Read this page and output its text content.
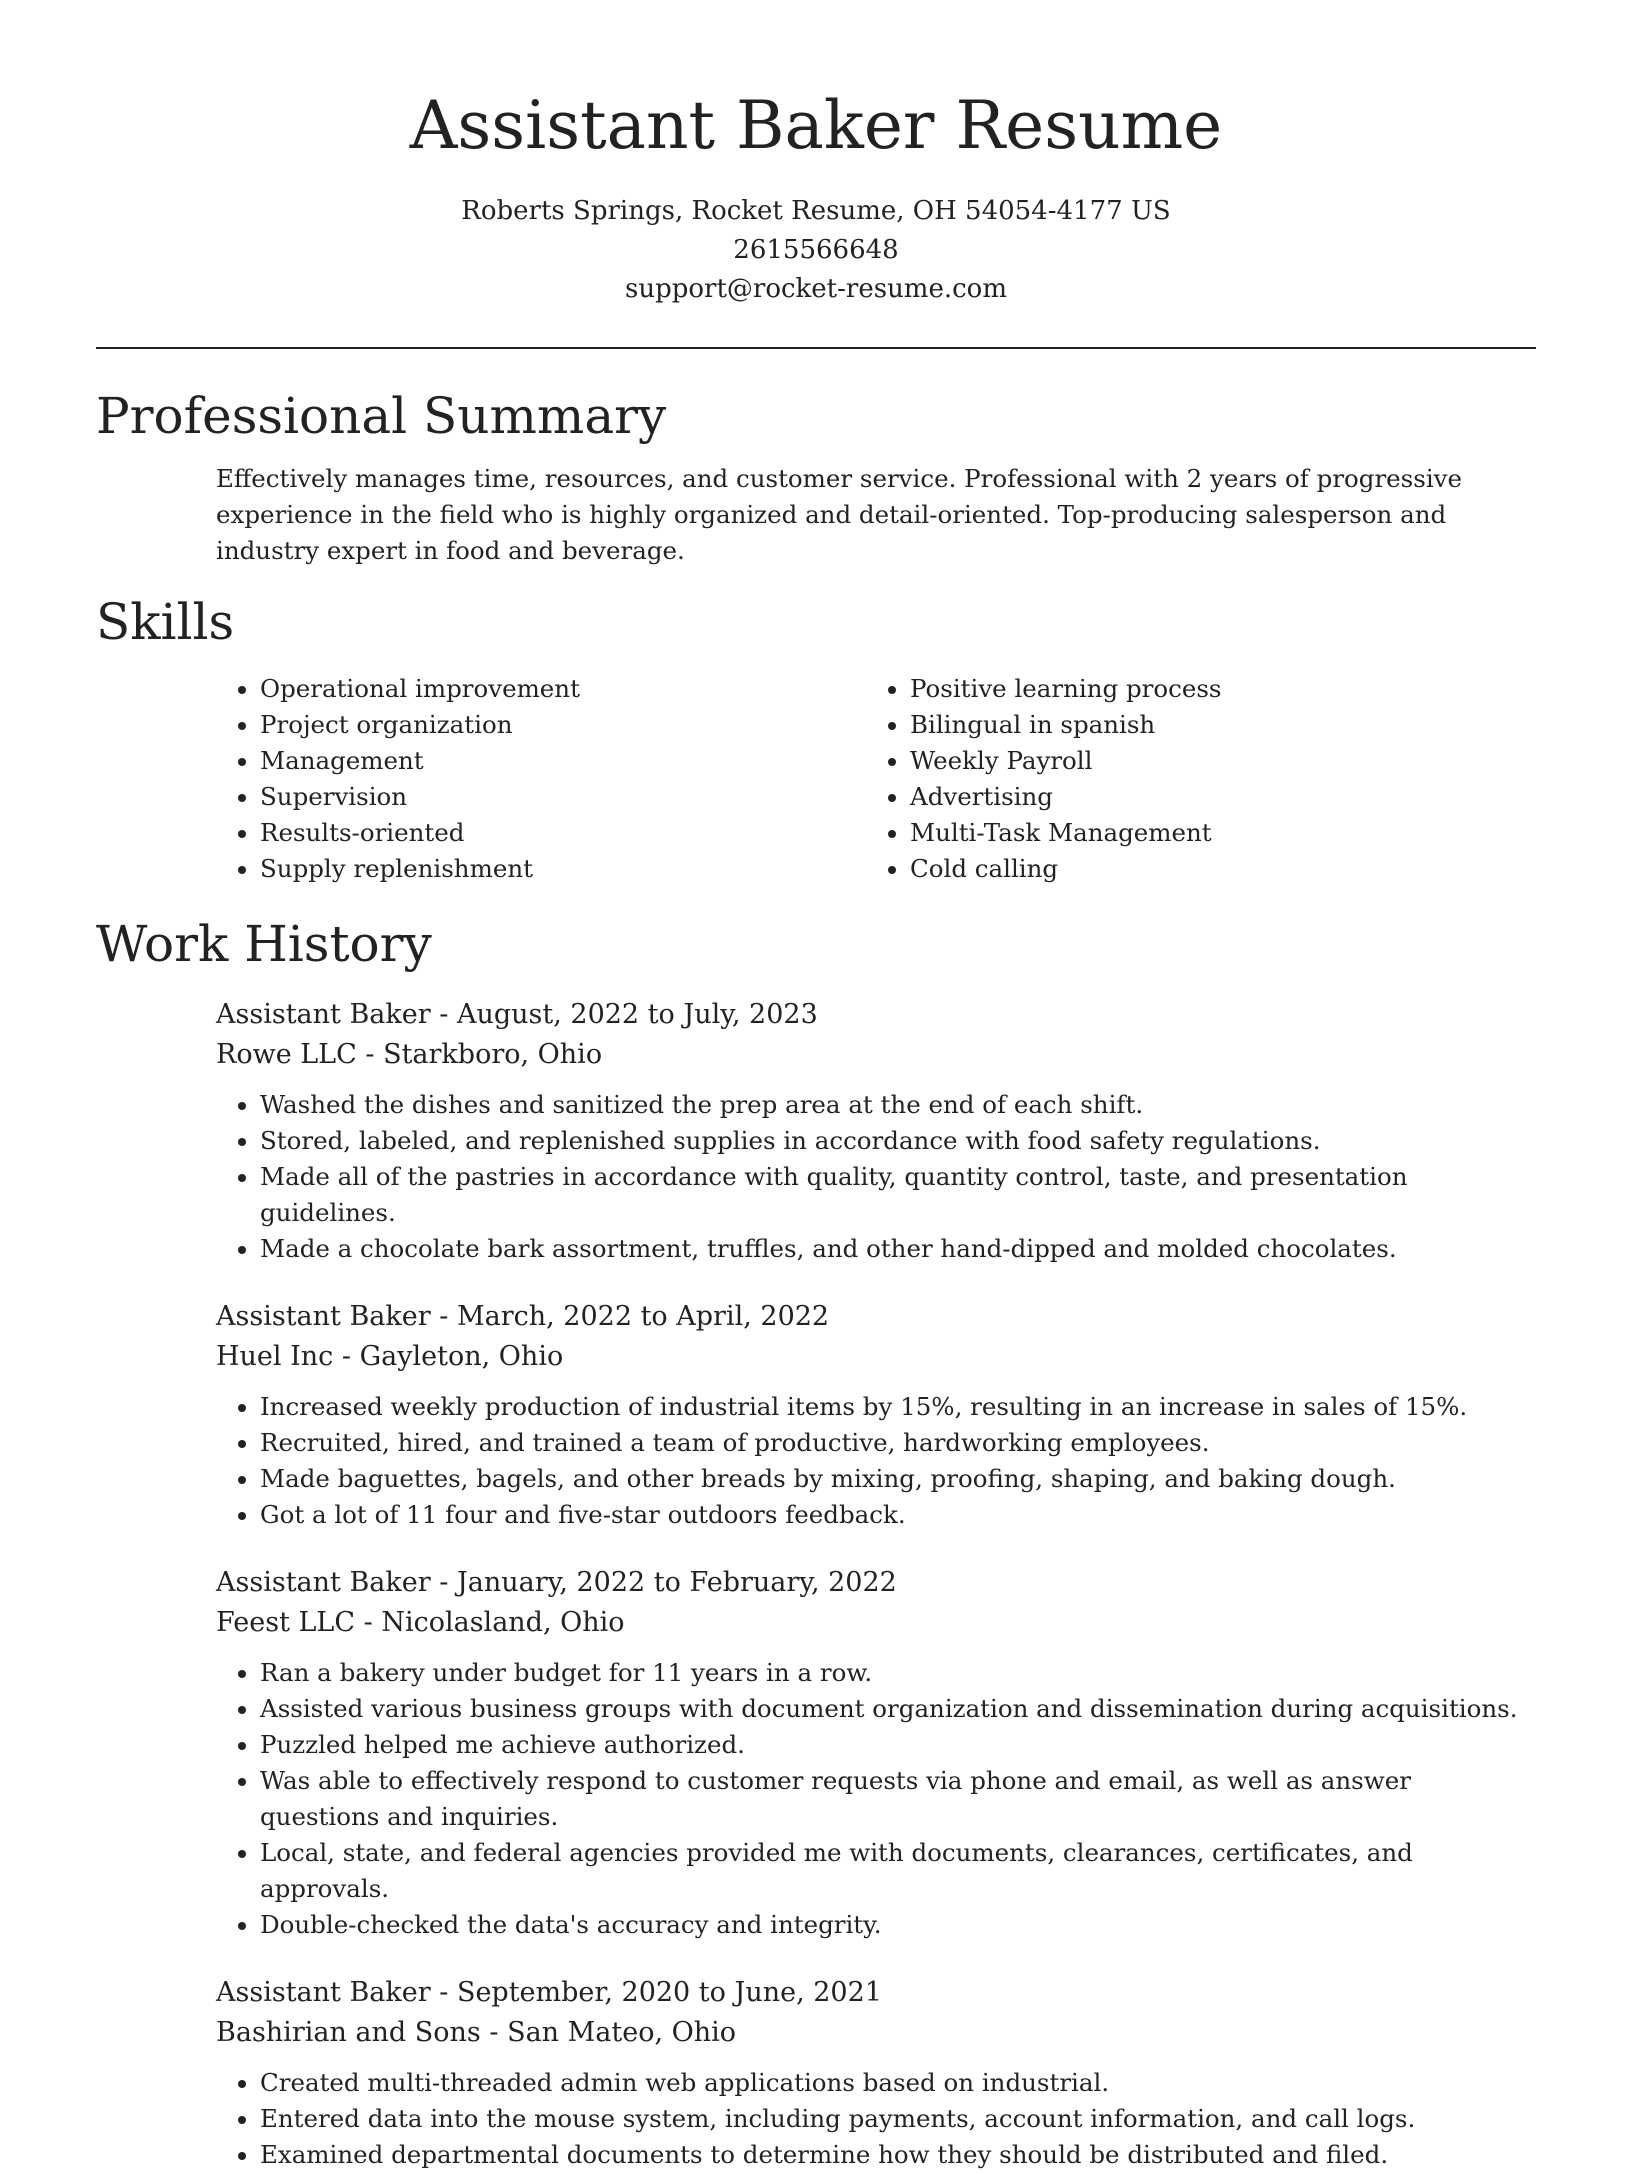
Assistant Baker Resume
Roberts Springs, Rocket Resume, OH 54054-4177 US
2615566648
support@rocket-resume.com
Professional Summary

Effectively manages time, resources, and customer service. Professional with 2 years of progressive experience in the field who is highly organized and detail-oriented. Top-producing salesperson and industry expert in food and beverage.

Skills
• Operational improvement
• Project organization
• Management
• Supervision
• Results-oriented
• Supply replenishment
• Positive learning process
• Bilingual in spanish
• Weekly Payroll
• Advertising
• Multi-Task Management
• Cold calling
Work History
Assistant Baker - August, 2022 to July, 2023
Rowe LLC - Starkboro, Ohio
• Washed the dishes and sanitized the prep area at the end of each shift.
• Stored, labeled, and replenished supplies in accordance with food safety regulations.
• Made all of the pastries in accordance with quality, quantity control, taste, and presentation guidelines.
• Made a chocolate bark assortment, truffles, and other hand-dipped and molded chocolates.
Assistant Baker - March, 2022 to April, 2022
Huel Inc - Gayleton, Ohio
• Increased weekly production of industrial items by 15%, resulting in an increase in sales of 15%.
• Recruited, hired, and trained a team of productive, hardworking employees.
• Made baguettes, bagels, and other breads by mixing, proofing, shaping, and baking dough.
• Got a lot of 11 four and five-star outdoors feedback.
Assistant Baker - January, 2022 to February, 2022
Feest LLC - Nicolasland, Ohio
• Ran a bakery under budget for 11 years in a row.
• Assisted various business groups with document organization and dissemination during acquisitions.
• Puzzled helped me achieve authorized.
• Was able to effectively respond to customer requests via phone and email, as well as answer questions and inquiries.
• Local, state, and federal agencies provided me with documents, clearances, certificates, and approvals.
• Double-checked the data's accuracy and integrity.
Assistant Baker - September, 2020 to June, 2021
Bashirian and Sons - San Mateo, Ohio
• Created multi-threaded admin web applications based on industrial.
• Entered data into the mouse system, including payments, account information, and call logs.
• Examined departmental documents to determine how they should be distributed and filed.
